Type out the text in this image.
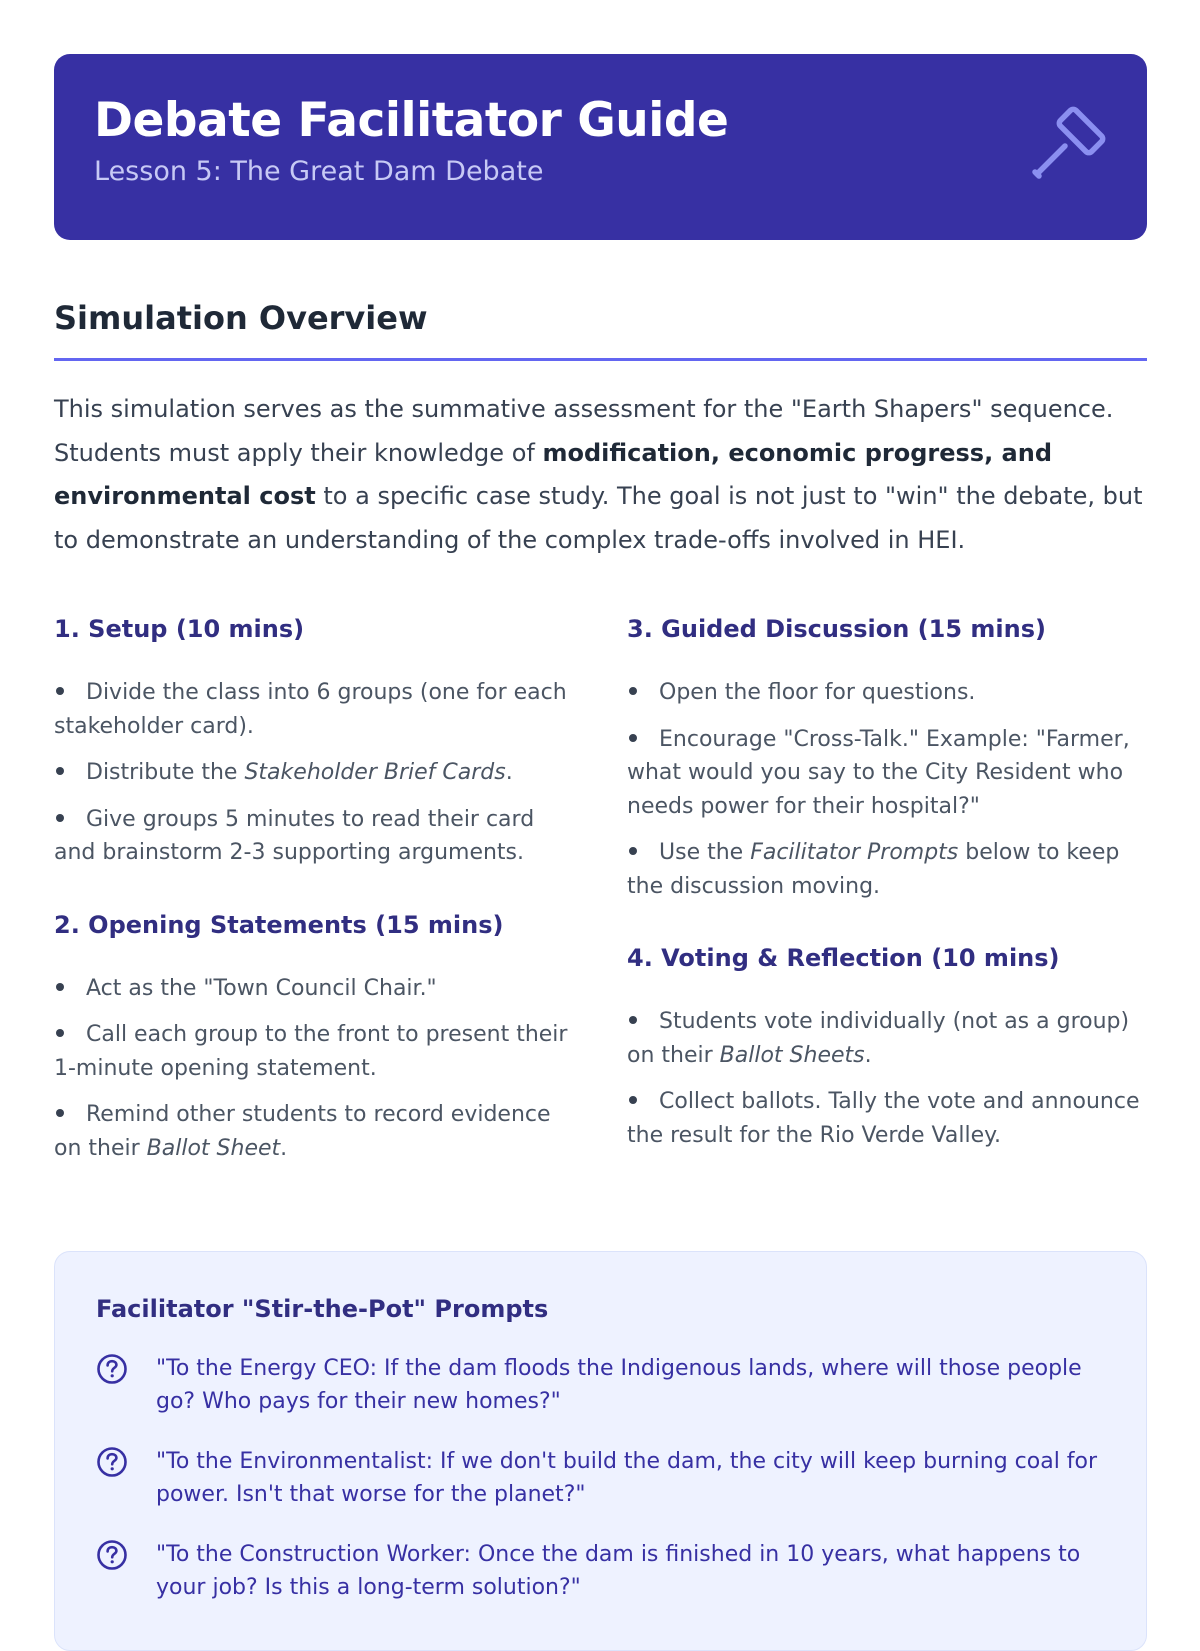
Debate Facilitator Guide
Lesson 5: The Great Dam Debate
Simulation Overview

This simulation serves as the summative assessment for the "Earth Shapers" sequence. Students must apply their knowledge of modification, economic progress, and environmental cost to a specific case study. The goal is not just to "win" the debate, but to demonstrate an understanding of the complex trade-offs involved in HEI.

1. Setup (10 mins)
Divide the class into 6 groups (one for each stakeholder card).
Distribute the Stakeholder Brief Cards.
Give groups 5 minutes to read their card and brainstorm 2-3 supporting arguments.
2. Opening Statements (15 mins)
Act as the "Town Council Chair."
Call each group to the front to present their 1-minute opening statement.
Remind other students to record evidence on their Ballot Sheet.
3. Guided Discussion (15 mins)
Open the floor for questions.
Encourage "Cross-Talk." Example: "Farmer, what would you say to the City Resident who needs power for their hospital?"
Use the Facilitator Prompts below to keep the discussion moving.
4. Voting & Reflection (10 mins)
Students vote individually (not as a group) on their Ballot Sheets.
Collect ballots. Tally the vote and announce the result for the Rio Verde Valley.
Facilitator "Stir-the-Pot" Prompts
"To the Energy CEO: If the dam floods the Indigenous lands, where will those people go? Who pays for their new homes?"
"To the Environmentalist: If we don't build the dam, the city will keep burning coal for power. Isn't that worse for the planet?"
"To the Construction Worker: Once the dam is finished in 10 years, what happens to your job? Is this a long-term solution?"
